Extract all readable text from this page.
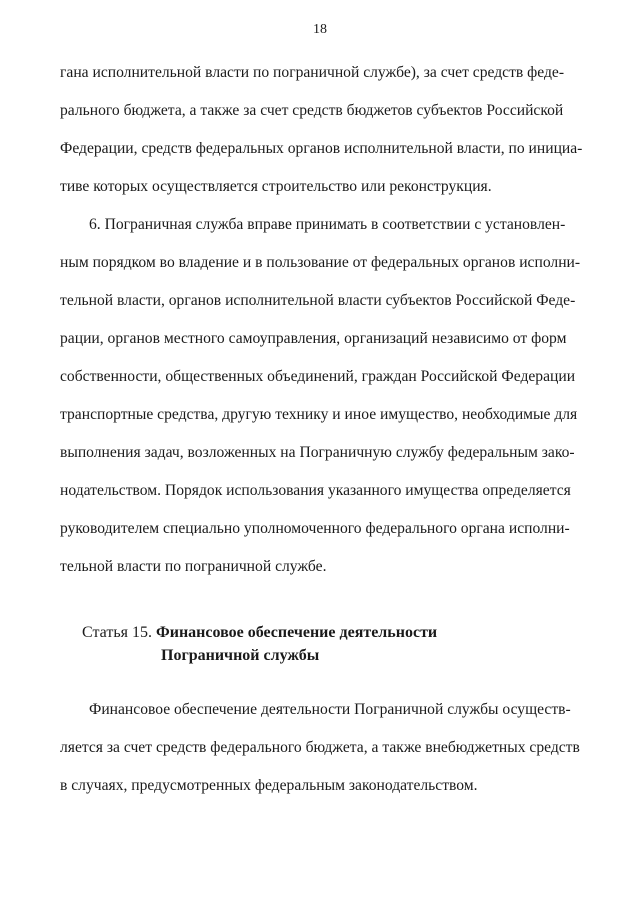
18
гана исполнительной власти по пограничной службе), за счет средств феде-
рального бюджета, а также за счет средств бюджетов субъектов Российской
Федерации, средств федеральных органов исполнительной власти, по инициа-
тиве которых осуществляется строительство или реконструкция.
6. Пограничная служба вправе принимать в соответствии с установлен-
ным порядком во владение и в пользование от федеральных органов исполни-
тельной власти, органов исполнительной власти субъектов Российской Феде-
рации, органов местного самоуправления, организаций независимо от форм
собственности, общественных объединений, граждан Российской Федерации
транспортные средства, другую технику и иное имущество, необходимые для
выполнения задач, возложенных на Пограничную службу федеральным зако-
нодательством. Порядок использования указанного имущества определяется
руководителем специально уполномоченного федерального органа исполни-
тельной власти по пограничной службе.
Статья 15. Финансовое обеспечение деятельности
Пограничной службы
Финансовое обеспечение деятельности Пограничной службы осуществ-
ляется за счет средств федерального бюджета, а также внебюджетных средств
в случаях, предусмотренных федеральным законодательством.
